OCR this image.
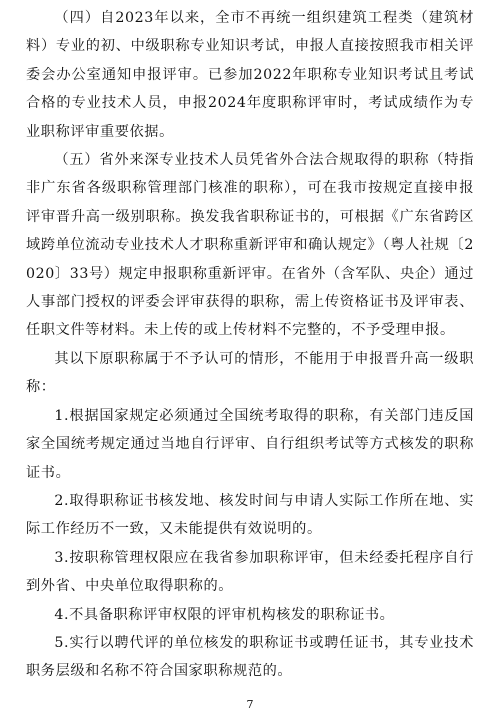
（四）自2023年以来，全市不再统一组织建筑工程类（建筑材料）专业的初、中级职称专业知识考试，申报人直接按照我市相关评委会办公室通知申报评审。已参加2022年职称专业知识考试且考试合格的专业技术人员，申报2024年度职称评审时，考试成绩作为专业职称评审重要依据。

（五）省外来深专业技术人员凭省外合法合规取得的职称（特指非广东省各级职称管理部门核准的职称），可在我市按规定直接申报评审晋升高一级别职称。换发我省职称证书的，可根据《广东省跨区域跨单位流动专业技术人才职称重新评审和确认规定》（粤人社规〔2020〕33号）规定申报职称重新评审。在省外（含军队、央企）通过人事部门授权的评委会评审获得的职称，需上传资格证书及评审表、任职文件等材料。未上传的或上传材料不完整的，不予受理申报。

其以下原职称属于不予认可的情形，不能用于申报晋升高一级职称：

1.根据国家规定必须通过全国统考取得的职称，有关部门违反国家全国统考规定通过当地自行评审、自行组织考试等方式核发的职称证书。

2.取得职称证书核发地、核发时间与申请人实际工作所在地、实际工作经历不一致，又未能提供有效说明的。

3.按职称管理权限应在我省参加职称评审，但未经委托程序自行到外省、中央单位取得职称的。

4.不具备职称评审权限的评审机构核发的职称证书。

5.实行以聘代评的单位核发的职称证书或聘任证书，其专业技术职务层级和名称不符合国家职称规范的。

7
